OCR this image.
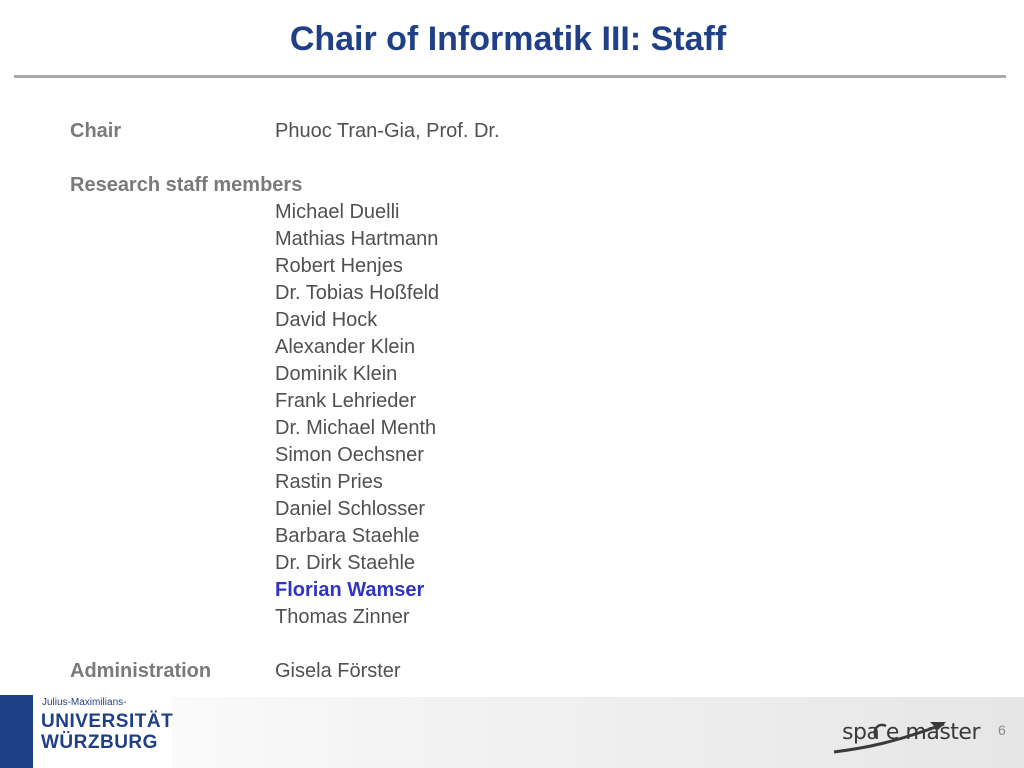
Chair of Informatik III: Staff
Chair	Phuoc Tran-Gia, Prof. Dr.
Research staff members
Michael Duelli
Mathias Hartmann
Robert Henjes
Dr. Tobias Hoßfeld
David Hock
Alexander Klein
Dominik Klein
Frank Lehrieder
Dr. Michael Menth
Simon Oechsner
Rastin Pries
Daniel Schlosser
Barbara Staehle
Dr. Dirk Staehle
Florian Wamser
Thomas Zinner
Administration	Gisela Förster
Julius-Maximilians-
UNIVERSITÄT
WÜRZBURG	spa e master 6
